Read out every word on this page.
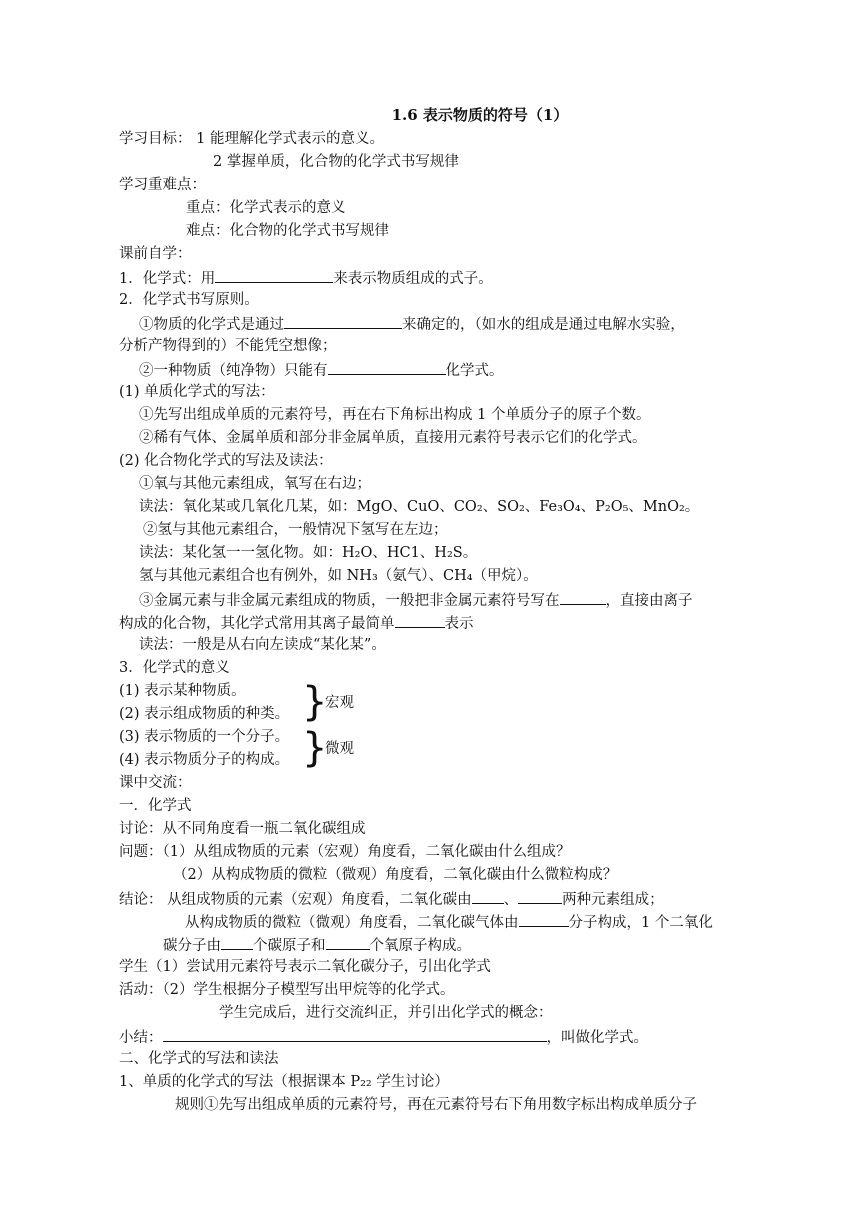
1.6 表示物质的符号（1）
学习目标： 1 能理解化学式表示的意义。
2 掌握单质，化合物的化学式书写规律
学习重难点：
重点：化学式表示的意义
难点：化合物的化学式书写规律
课前自学：
1．化学式：用	来表示物质组成的式子。
2．化学式书写原则。
①物质的化学式是通过	来确定的，（如水的组成是通过电解水实验，
分析产物得到的）不能凭空想像；
②一种物质（纯净物）只能有	化学式。
(1) 单质化学式的写法：
①先写出组成单质的元素符号，再在右下角标出构成 1 个单质分子的原子个数。
②稀有气体、金属单质和部分非金属单质，直接用元素符号表示它们的化学式。
(2) 化合物化学式的写法及读法：
①氧与其他元素组成，氧写在右边；
读法：氧化某或几氧化几某，如：MgO、CuO、CO₂、SO₂、Fe₃O₄、P₂O₅、MnO₂。
②氢与其他元素组合，一般情况下氢写在左边；
读法：某化氢一一氢化物。如：H₂O、HC1、H₂S。
氢与其他元素组合也有例外，如 NH₃（氨气）、CH₄（甲烷）。
③金属元素与非金属元素组成的物质，一般把非金属元素符号写在	，直接由离子
构成的化合物，其化学式常用其离子最简单	表示
读法：一般是从右向左读成“某化某”。
3．化学式的意义
(1) 表示某种物质。
(2) 表示组成物质的种类。
(3) 表示物质的一个分子。
(4) 表示物质分子的构成。
}
宏观
}
微观
课中交流：
一．化学式
讨论：从不同角度看一瓶二氧化碳组成
问题：（1）从组成物质的元素（宏观）角度看，二氧化碳由什么组成？
（2）从构成物质的微粒（微观）角度看，二氧化碳由什么微粒构成？
结论： 从组成物质的元素（宏观）角度看，二氧化碳由 、	两种元素组成；
从构成物质的微粒（微观）角度看，二氧化碳气体由	分子构成，1 个二氧化
碳分子由 个碳原子和	个氧原子构成。
学生（1）尝试用元素符号表示二氧化碳分子，引出化学式
活动：（2）学生根据分子模型写出甲烷等的化学式。
学生完成后，进行交流纠正，并引出化学式的概念：
小结：	，叫做化学式。
二、化学式的写法和读法
1、单质的化学式的写法（根据课本 P₂₂ 学生讨论）
规则①先写出组成单质的元素符号，再在元素符号右下角用数字标出构成单质分子
